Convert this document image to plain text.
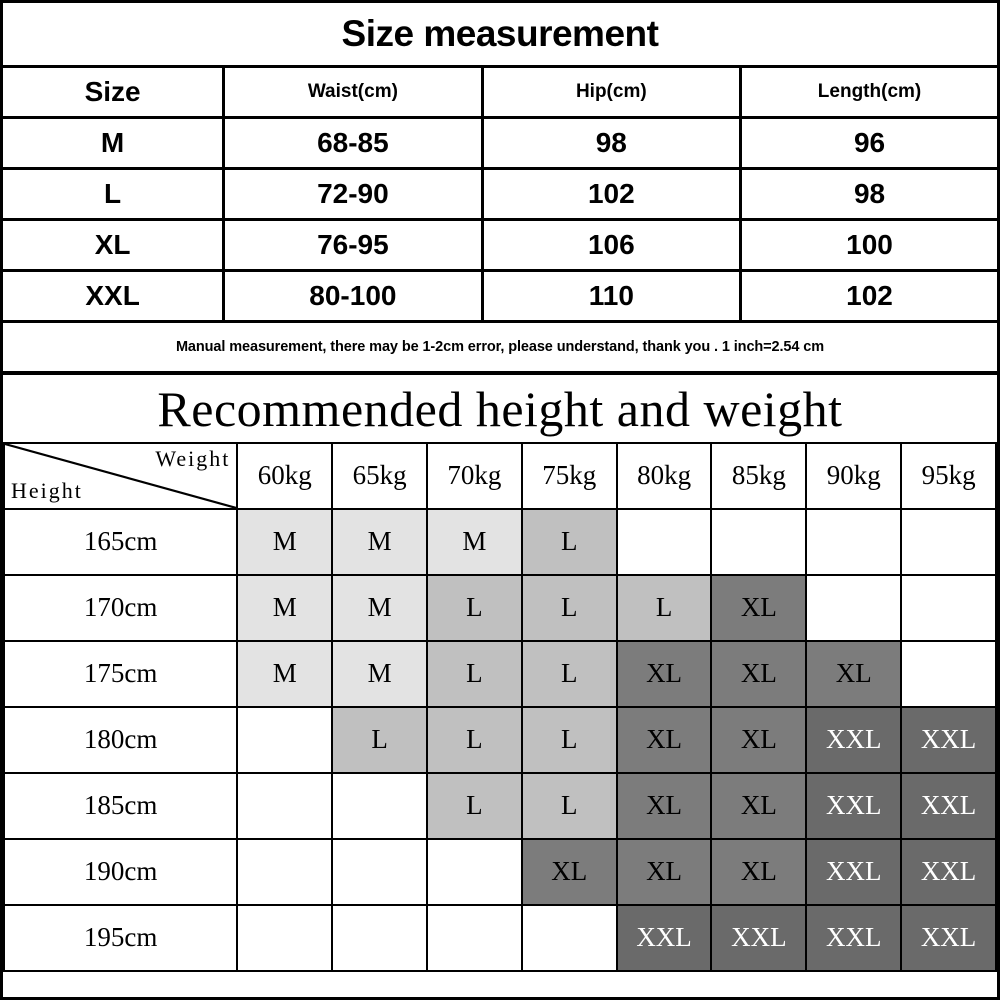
Size measurement
Size	Waist(cm)	Hip(cm)	Length(cm)
M	68-85	98	96
L	72-90	102	98
XL	76-95	106	100
XXL	80-100	110	102
Manual measurement, there may be 1-2cm error, please understand, thank you . 1 inch=2.54 cm			
Recommended height and weight
Height
Weight	60kg	65kg	70kg	75kg	80kg	85kg	90kg	95kg
165cm	M	M	M	L				
170cm	M	M	L	L	L	XL		
175cm	M	M	L	L	XL	XL	XL	
180cm		L	L	L	XL	XL	XXL	XXL
185cm			L	L	XL	XL	XXL	XXL
190cm				XL	XL	XL	XXL	XXL
195cm					XXL	XXL	XXL	XXL
